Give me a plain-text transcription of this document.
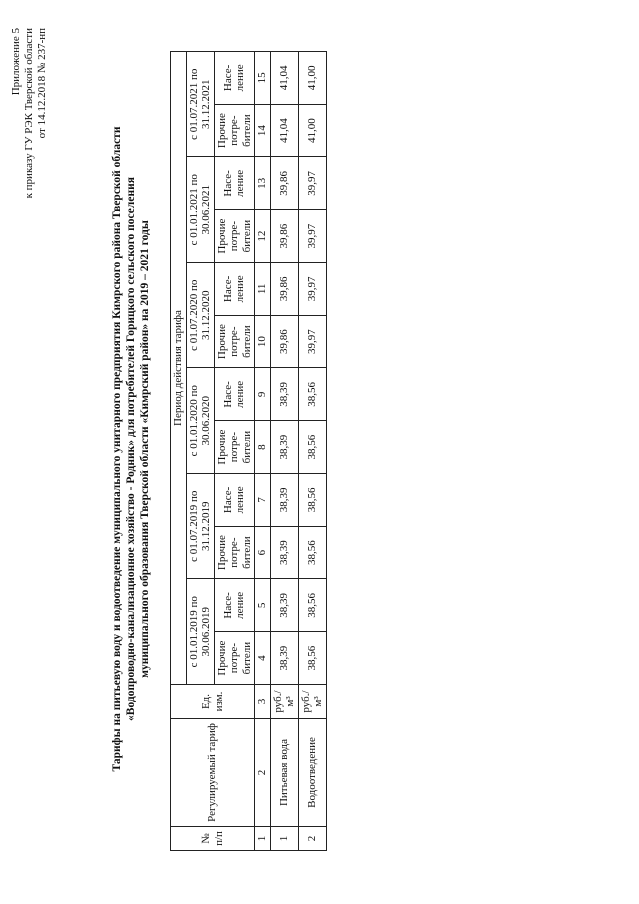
Приложение 5 к приказу ГУ РЭК Тверской области от 14.12.2018 № 237-нп
Тарифы на питьевую воду и водоотведение муниципального унитарного предприятия Кимрского района Тверской области «Водопроводно-канализационное хозяйство - Родник» для потребителей Горицкого сельского поселения муниципального образования Тверской области «Кимрский район» на 2019 – 2021 годы
№ п/п	Регулируемый тариф	Ед. изм.	Период действия тарифа											
			с 01.01.2019 по 30.06.2019		с 01.07.2019 по 31.12.2019		с 01.01.2020 по 30.06.2020		с 01.07.2020 по 31.12.2020		с 01.01.2021 по 30.06.2021		с 01.07.2021 по 31.12.2021	
			Прочие потре-бители	Насе-ление	Прочие потре-бители	Насе-ление	Прочие потре-бители	Насе-ление	Прочие потре-бители	Насе-ление	Прочие потре-бители	Насе-ление	Прочие потре-бители	Насе-ление
1	2	3	4	5	6	7	8	9	10	11	12	13	14	15
1	Питьевая вода	руб./м³	38,39	38,39	38,39	38,39	38,39	38,39	39,86	39,86	39,86	39,86	41,04	41,04
2	Водоотведение	руб./м³	38,56	38,56	38,56	38,56	38,56	38,56	39,97	39,97	39,97	39,97	41,00	41,00
